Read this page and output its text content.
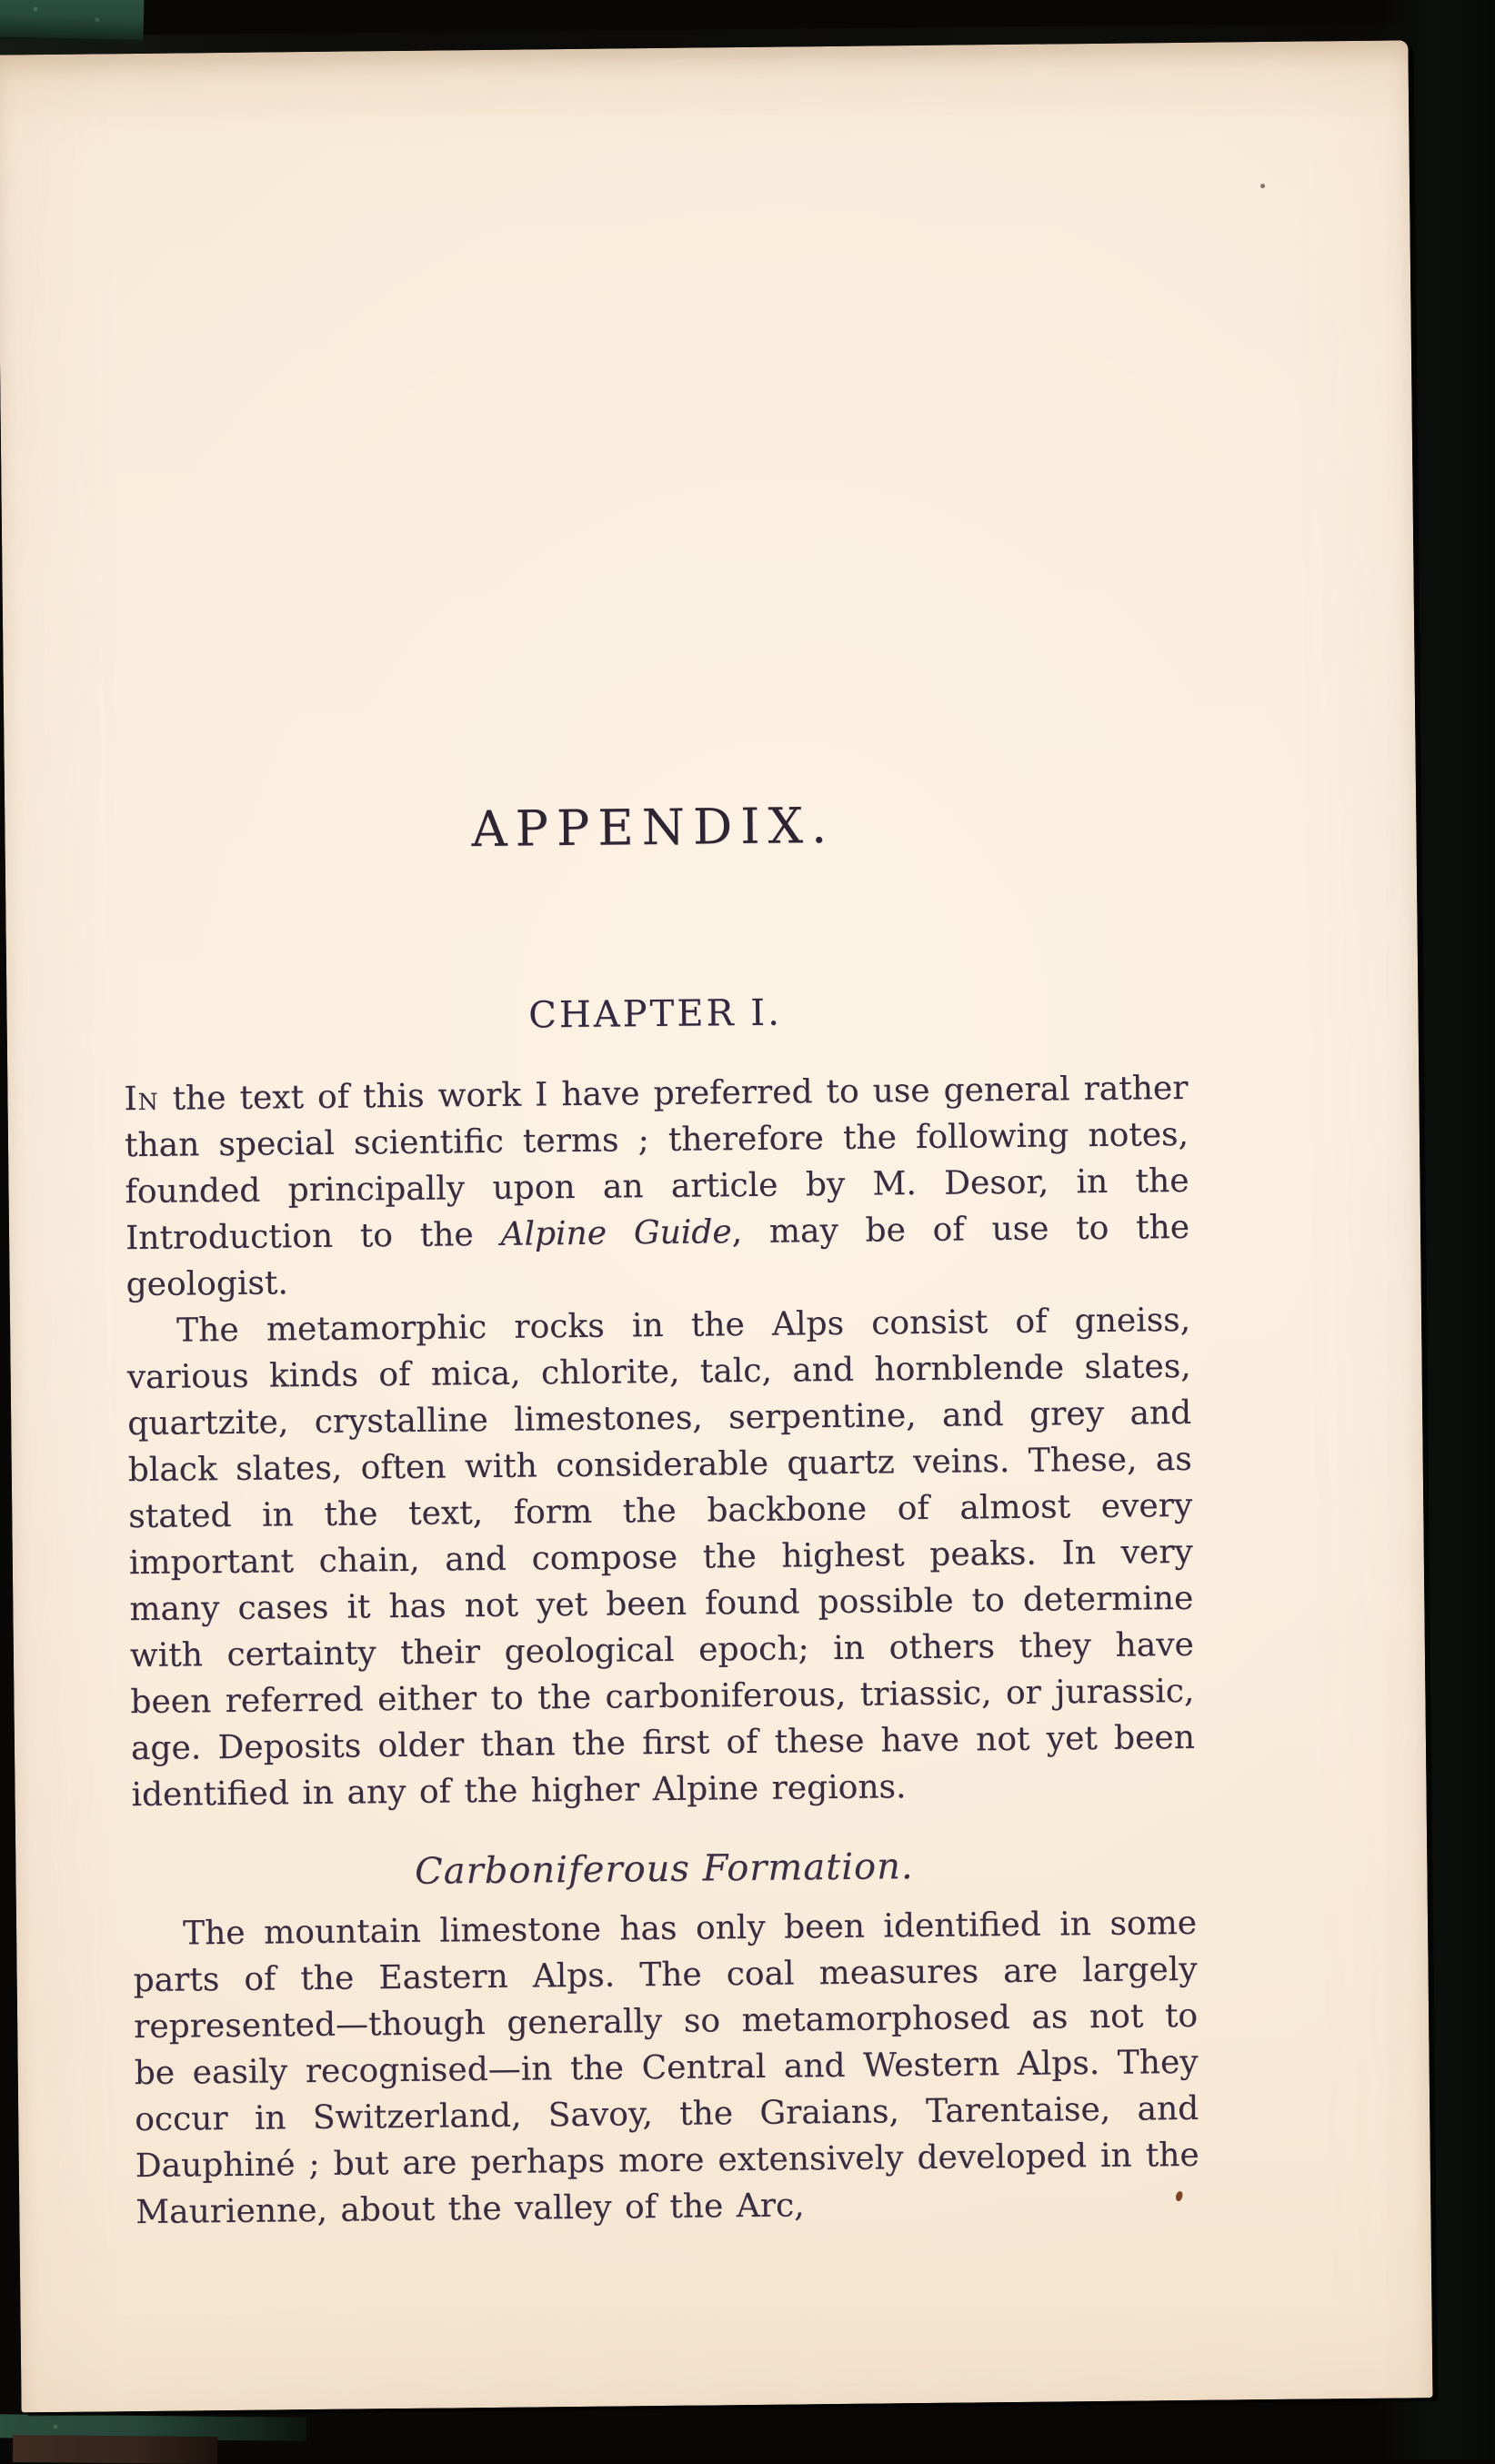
APPENDIX.
CHAPTER I.

In the text of this work I have preferred to use general rather than special scientific terms ; therefore the following notes, founded principally upon an article by M. Desor, in the Introduction to the Alpine Guide, may be of use to the geologist.

The metamorphic rocks in the Alps consist of gneiss, various kinds of mica, chlorite, talc, and hornblende slates, quartzite, crystalline limestones, serpentine, and grey and black slates, often with considerable quartz veins. These, as stated in the text, form the backbone of almost every important chain, and compose the highest peaks. In very many cases it has not yet been found possible to determine with certainty their geological epoch; in others they have been referred either to the carboniferous, triassic, or jurassic, age. Deposits older than the first of these have not yet been identified in any of the higher Alpine regions.

Carboniferous Formation.

The mountain limestone has only been identified in some parts of the Eastern Alps. The coal measures are largely represented—though generally so metamorphosed as not to be easily recognised—in the Central and Western Alps. They occur in Switzerland, Savoy, the Graians, Tarentaise, and Dauphiné ; but are perhaps more extensively developed in the Maurienne, about the valley of the Arc,
